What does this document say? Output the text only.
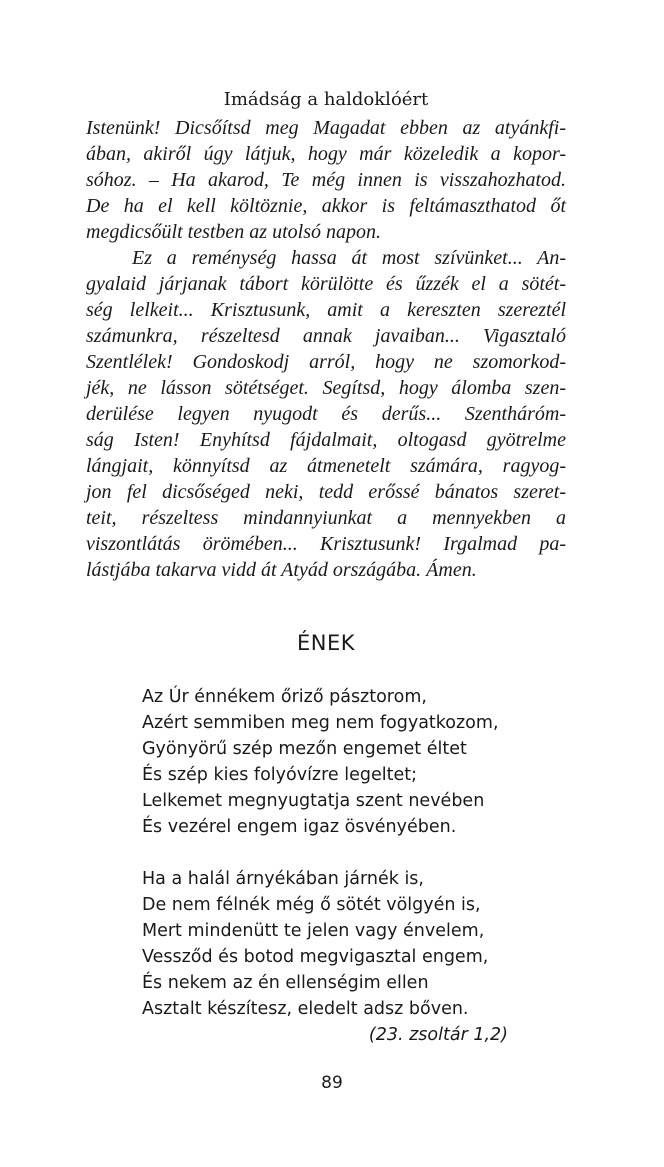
Imádság a haldoklóért

Istenünk! Dicsőítsd meg Magadat ebben az atyánkfi-
ában, akiről úgy látjuk, hogy már közeledik a kopor-
sóhoz. – Ha akarod, Te még innen is visszahozhatod.
De ha el kell költöznie, akkor is feltámaszthatod őt
megdicsőült testben az utolsó napon.

Ez a reménység hassa át most szívünket... An-
gyalaid járjanak tábort körülötte és űzzék el a sötét-
ség lelkeit... Krisztusunk, amit a kereszten szereztél
számunkra, részeltesd annak javaiban... Vigasztaló
Szentlélek! Gondoskodj arról, hogy ne szomorkod-
jék, ne lásson sötétséget. Segítsd, hogy álomba szen-
derülése legyen nyugodt és derűs... Szentháróm-
ság Isten! Enyhítsd fájdalmait, oltogasd gyötrelme
lángjait, könnyítsd az átmenetelt számára, ragyog-
jon fel dicsőséged neki, tedd erőssé bánatos szeret-
teit, részeltess mindannyiunkat a mennyekben a
viszontlátás örömében... Krisztusunk! Irgalmad pa-
lástjába takarva vidd át Atyád országába. Ámen.

ÉNEK

Az Úr énnékem őriző pásztorom,
Azért semmiben meg nem fogyatkozom,
Gyönyörű szép mezőn engemet éltet
És szép kies folyóvízre legeltet;
Lelkemet megnyugtatja szent nevében
És vezérel engem igaz ösvényében.

Ha a halál árnyékában járnék is,
De nem félnék még ő sötét völgyén is,
Mert mindenütt te jelen vagy énvelem,
Vessződ és botod megvigasztal engem,
És nekem az én ellenségim ellen
Asztalt készítesz, eledelt adsz bőven.

(23. zsoltár 1,2)
89
